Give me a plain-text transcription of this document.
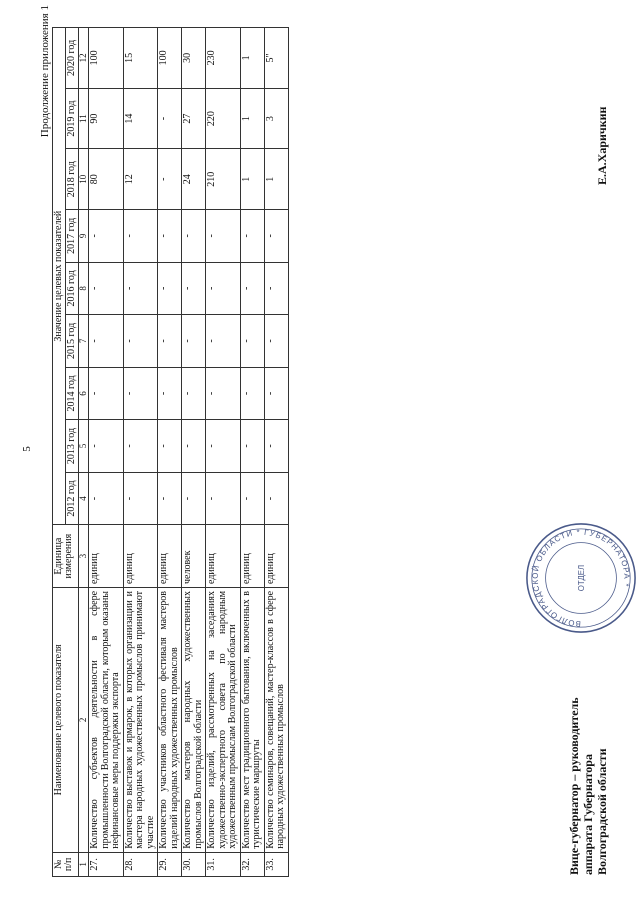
5
Продолжение приложения 1
№ п/п	Наименование целевого показателя	Единица измерения	Значение целевых показателей								
			2012 год	2013 год	2014 год	2015 год	2016 год	2017 год	2018 год	2019 год	2020 год
1	2	3	4	5	6	7	8	9	10	11	12
27.	Количество субъектов деятельности в сфере промышленности Волгоградской области, которым оказаны нефинансовые меры поддержки экспорта	единиц	-	-	-	-	-	-	80	90	100
28.	Количество выставок и ярмарок, в которых организации и мастера народных художественных промыслов принимают участие	единиц	-	-	-	-	-	-	12	14	15
29.	Количество участников областного фестиваля мастеров изделий народных художественных промыслов	единиц	-	-	-	-	-	-	-	-	100
30.	Количество мастеров народных художественных промыслов Волгоградской области	человек	-	-	-	-	-	-	24	27	30
31.	Количество изделий, рассмотренных на заседаниях художественно-экспертного совета по народным художественным промыслам Волгоградской области	единиц	-	-	-	-	-	-	210	220	230
32.	Количество мест традиционного бытования, включенных в туристические маршруты	единиц	-	-	-	-	-	-	1	1	1
33.	Количество семинаров, совещаний, мастер-классов в сфере народных художественных промыслов	единиц	-	-	-	-	-	-	1	3	5"
Вице-губернатор – руководитель аппарата Губернатора Волгоградской области
ВОЛГОГРАДСКОЙ ОБЛАСТИ * ГУБЕРНАТОРА *
ОТДЕЛ
Е.А.Харичкин
